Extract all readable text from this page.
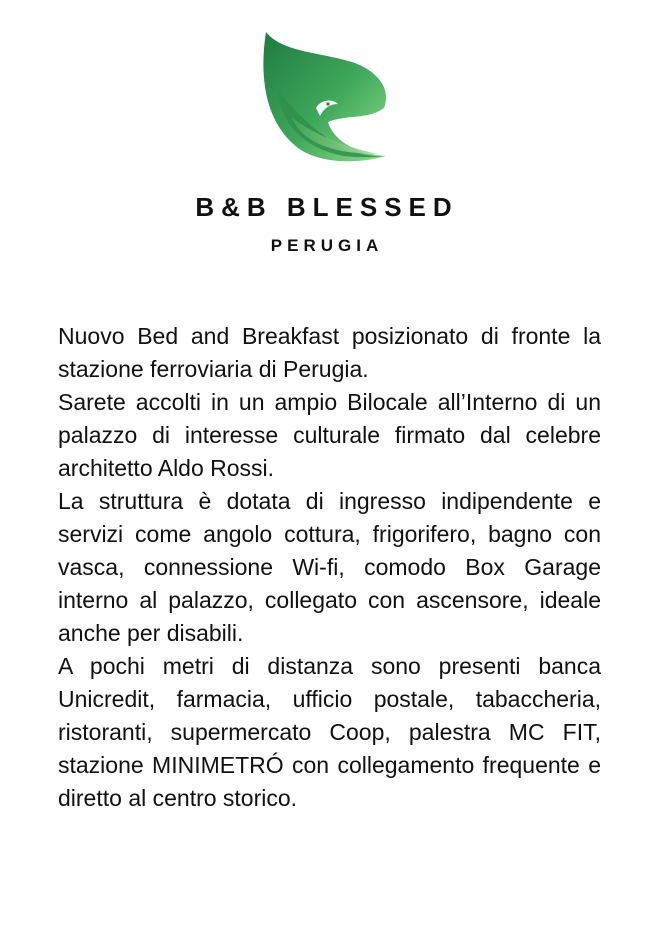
B&B BLESSED
PERUGIA

Nuovo Bed and Breakfast posizionato di fronte la stazione ferroviaria di Perugia.

Sarete accolti in un ampio Bilocale all’Interno di un palazzo di interesse culturale firmato dal celebre architetto Aldo Rossi.

La struttura è dotata di ingresso indipendente e servizi come angolo cottura, frigorifero, bagno con vasca, connessione Wi-fi, comodo Box Garage interno al palazzo, collegato con ascensore, ideale anche per disabili.

A pochi metri di distanza sono presenti banca Unicredit, farmacia, ufficio postale, tabaccheria, ristoranti, supermercato Coop, palestra MC FIT, stazione MINIMETRÓ con collegamento frequente e diretto al centro storico.
